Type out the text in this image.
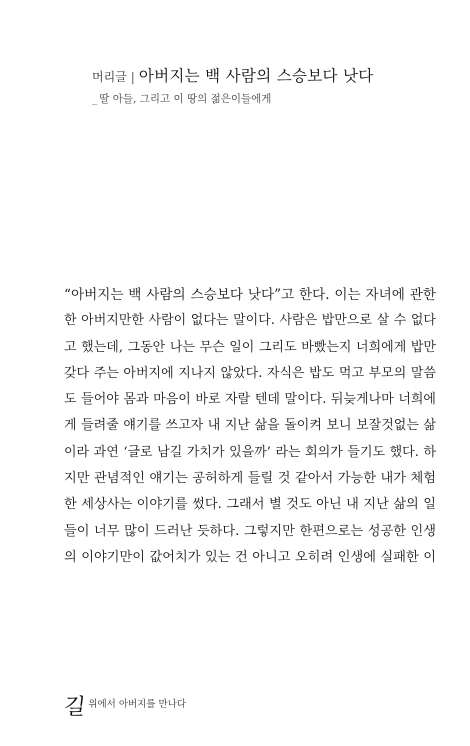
머리글 | 아버지는 백 사람의 스승보다 낫다
_ 딸 아들, 그리고 이 땅의 젊은이들에게
“아버지는 백 사람의 스승보다 낫다”고 한다. 이는 자녀에 관한
한 아버지만한 사람이 없다는 말이다. 사람은 밥만으로 살 수 없다
고 했는데, 그동안 나는 무슨 일이 그리도 바빴는지 너희에게 밥만
갖다 주는 아버지에 지나지 않았다. 자식은 밥도 먹고 부모의 말씀
도 들어야 몸과 마음이 바로 자랄 텐데 말이다. 뒤늦게나마 너희에
게 들려줄 얘기를 쓰고자 내 지난 삶을 돌이켜 보니 보잘것없는 삶
이라 과연 ‘글로 남길 가치가 있을까’ 라는 회의가 들기도 했다. 하
지만 관념적인 얘기는 공허하게 들릴 것 같아서 가능한 내가 체험
한 세상사는 이야기를 썼다. 그래서 별 것도 아닌 내 지난 삶의 일
들이 너무 많이 드러난 듯하다. 그렇지만 한편으로는 성공한 인생
의 이야기만이 값어치가 있는 건 아니고 오히려 인생에 실패한 이
길 위에서 아버지를 만나다
